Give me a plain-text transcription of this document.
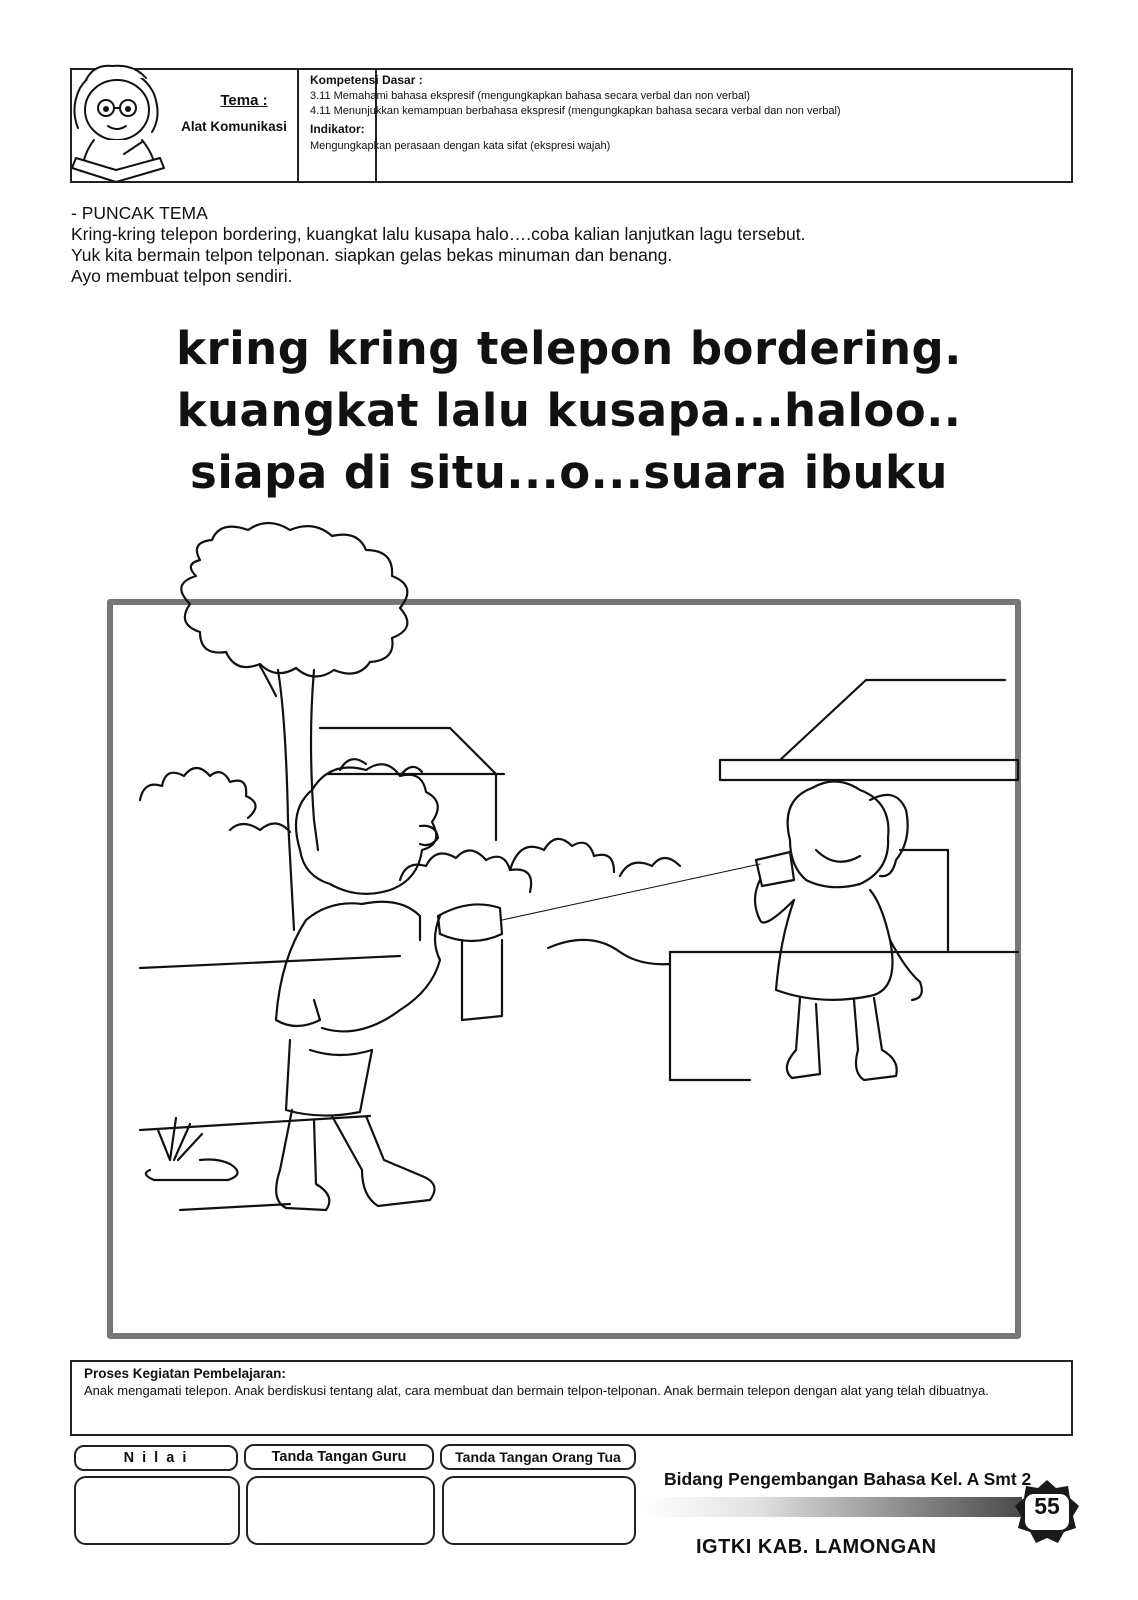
Tema :
Alat Komunikasi
Kompetensi Dasar :
3.11 Memahami bahasa ekspresif (mengungkapkan bahasa secara verbal dan non verbal)
4.11 Menunjukkan kemampuan berbahasa ekspresif (mengungkapkan bahasa secara verbal dan non verbal)
Indikator:
Mengungkapkan perasaan dengan kata sifat (ekspresi wajah)
- PUNCAK TEMA
Kring-kring telepon bordering, kuangkat lalu kusapa halo….coba kalian lanjutkan lagu tersebut.
Yuk kita bermain telpon telponan. siapkan gelas bekas minuman dan benang.
Ayo membuat telpon sendiri.
kring kring telepon bordering.
kuangkat lalu kusapa...haloo..
siapa di situ...o...suara ibuku
Proses Kegiatan Pembelajaran:
Anak mengamati telepon. Anak berdiskusi tentang alat, cara membuat dan bermain telpon-telponan. Anak bermain telepon dengan alat yang telah dibuatnya.
N i l a i	Tanda Tangan Guru	Tanda Tangan Orang Tua
Bidang Pengembangan Bahasa Kel. A Smt 2
55
IGTKI KAB. LAMONGAN
